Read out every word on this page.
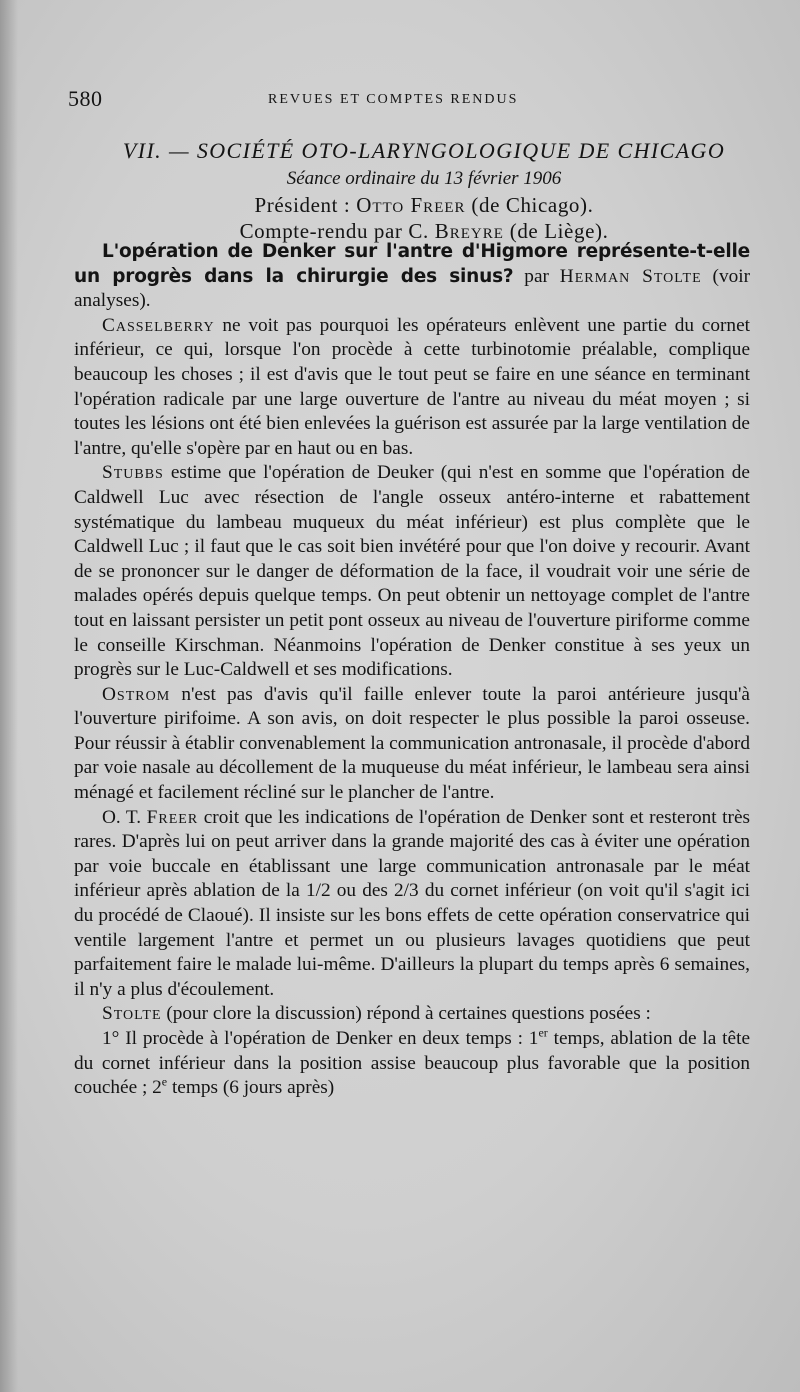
580	REVUES ET COMPTES RENDUS

VII. — SOCIÉTÉ OTO-LARYNGOLOGIQUE DE CHICAGO

Séance ordinaire du 13 février 1906

Président : Otto Freer (de Chicago).

Compte-rendu par C. Breyre (de Liège).

L'opération de Denker sur l'antre d'Higmore représente-t-elle un progrès dans la chirurgie des sinus? par Herman Stolte (voir analyses).

Casselberry ne voit pas pourquoi les opérateurs enlèvent une partie du cornet inférieur, ce qui, lorsque l'on procède à cette turbinotomie préalable, complique beaucoup les choses ; il est d'avis que le tout peut se faire en une séance en terminant l'opération radicale par une large ouverture de l'antre au niveau du méat moyen ; si toutes les lésions ont été bien enlevées la guérison est assurée par la large ventilation de l'antre, qu'elle s'opère par en haut ou en bas.

Stubbs estime que l'opération de Deuker (qui n'est en somme que l'opération de Caldwell Luc avec résection de l'angle osseux antéro-interne et rabattement systématique du lambeau muqueux du méat inférieur) est plus complète que le Caldwell Luc ; il faut que le cas soit bien invétéré pour que l'on doive y recourir. Avant de se prononcer sur le danger de déformation de la face, il voudrait voir une série de malades opérés depuis quelque temps. On peut obtenir un nettoyage complet de l'antre tout en laissant persister un petit pont osseux au niveau de l'ouverture piriforme comme le conseille Kirschman. Néanmoins l'opération de Denker constitue à ses yeux un progrès sur le Luc-Caldwell et ses modifications.

Ostrom n'est pas d'avis qu'il faille enlever toute la paroi antérieure jusqu'à l'ouverture pirifoime. A son avis, on doit respecter le plus possible la paroi osseuse. Pour réussir à établir convenablement la communication antronasale, il procède d'abord par voie nasale au décollement de la muqueuse du méat inférieur, le lambeau sera ainsi ménagé et facilement récliné sur le plancher de l'antre.

O. T. Freer croit que les indications de l'opération de Denker sont et resteront très rares. D'après lui on peut arriver dans la grande majorité des cas à éviter une opération par voie buccale en établissant une large communication antronasale par le méat inférieur après ablation de la 1/2 ou des 2/3 du cornet inférieur (on voit qu'il s'agit ici du procédé de Claoué). Il insiste sur les bons effets de cette opération conservatrice qui ventile largement l'antre et permet un ou plusieurs lavages quotidiens que peut parfaitement faire le malade lui-même. D'ailleurs la plupart du temps après 6 semaines, il n'y a plus d'écoulement.

Stolte (pour clore la discussion) répond à certaines questions posées :

1° Il procède à l'opération de Denker en deux temps : 1er temps, ablation de la tête du cornet inférieur dans la position assise beaucoup plus favorable que la position couchée ; 2e temps (6 jours après)
